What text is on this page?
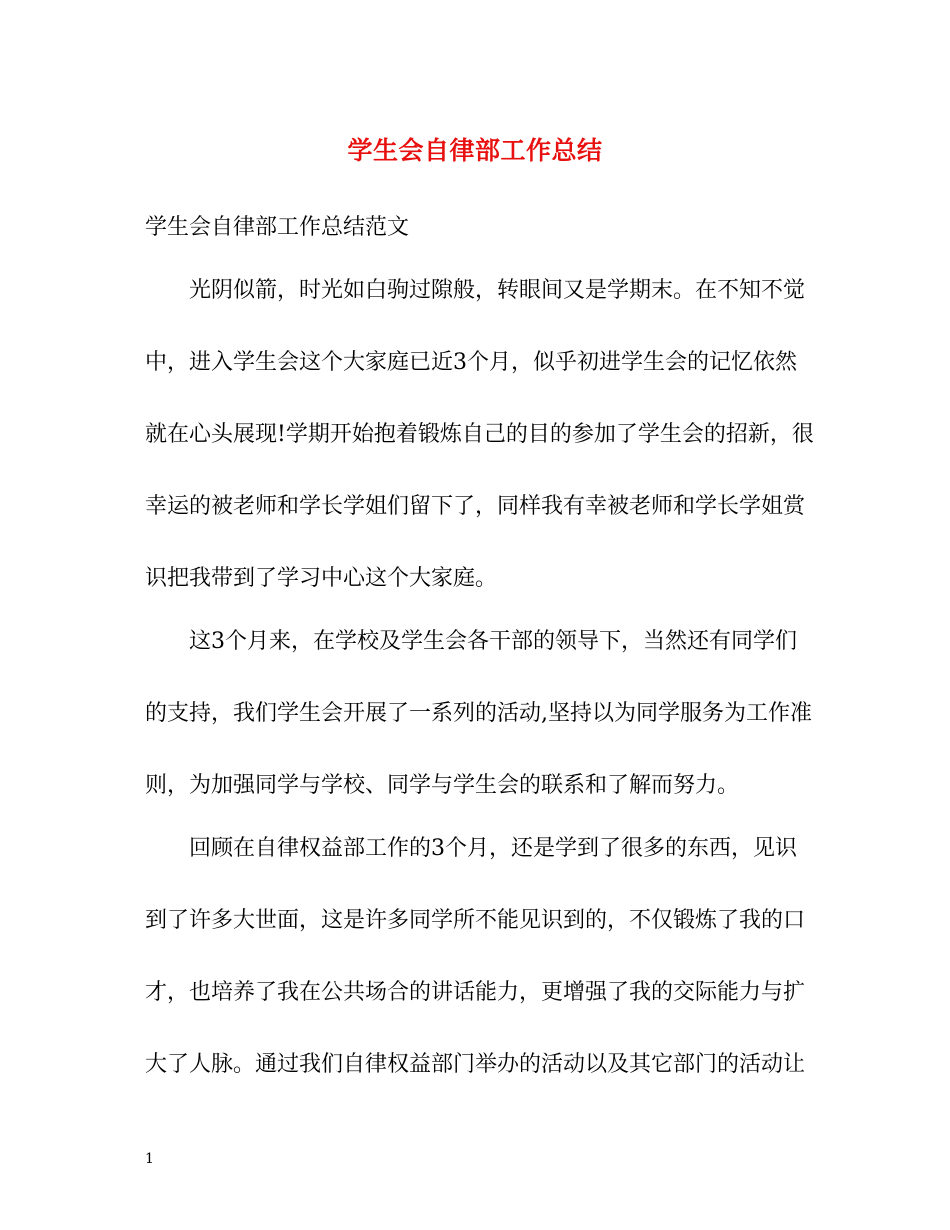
学生会自律部工作总结
学生会自律部工作总结范文
光阴似箭，时光如白驹过隙般，转眼间又是学期末。在不知不觉
中，进入学生会这个大家庭已近3个月，似乎初进学生会的记忆依然
就在心头展现!学期开始抱着锻炼自己的目的参加了学生会的招新，很
幸运的被老师和学长学姐们留下了，同样我有幸被老师和学长学姐赏
识把我带到了学习中心这个大家庭。
这3个月来，在学校及学生会各干部的领导下，当然还有同学们
的支持，我们学生会开展了一系列的活动,坚持以为同学服务为工作准
则，为加强同学与学校、同学与学生会的联系和了解而努力。
回顾在自律权益部工作的3个月，还是学到了很多的东西，见识
到了许多大世面，这是许多同学所不能见识到的，不仅锻炼了我的口
才，也培养了我在公共场合的讲话能力，更增强了我的交际能力与扩
大了人脉。通过我们自律权益部门举办的活动以及其它部门的活动让
1
